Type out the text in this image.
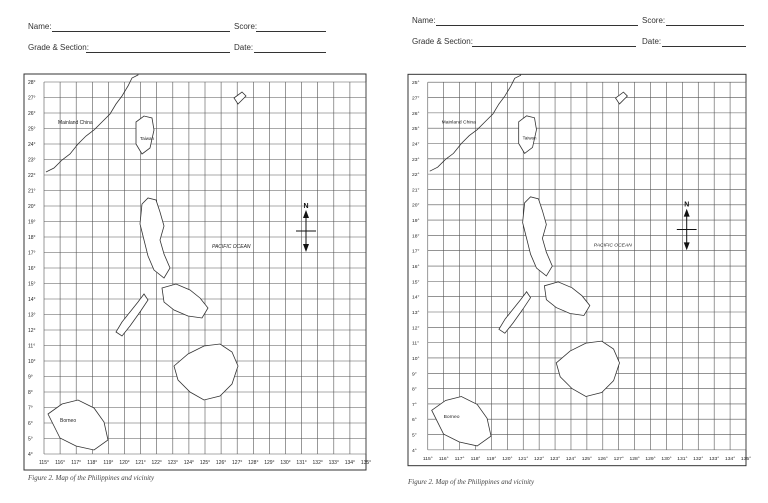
Name:	Score:
Grade & Section:	Date:
28°
27°
26°
25°
24°
23°
22°
21°
20°
19°
18°
17°
16°
15°
14°
13°
12°
11°
10°
9°
8°
7°
6°
5°
4°
115° 116° 117° 118° 119° 120° 121° 122° 123° 124° 125° 126° 127° 128° 129° 130° 131° 132° 133° 134° 135°
Mainland China
Taiwan
PACIFIC OCEAN
Borneo
N
Figure 2. Map of the Philippines and vicinity
Name:	Score:
Grade & Section:	Date:
25°
27°
26°
25°
24°
23°
22°
21°
20°
19°
18°
17°
16°
15°
14°
13°
12°
11°
10°
9°
8°
7°
6°
5°
4°
115° 116° 117° 118° 119° 120° 121° 122° 123° 124° 125° 126° 127° 128° 129° 130° 131° 132° 133° 134° 135°
Mainland China
Taiwan
PACIFIC OCEAN
Borneo
N
Figure 2. Map of the Philippines and vicinity
